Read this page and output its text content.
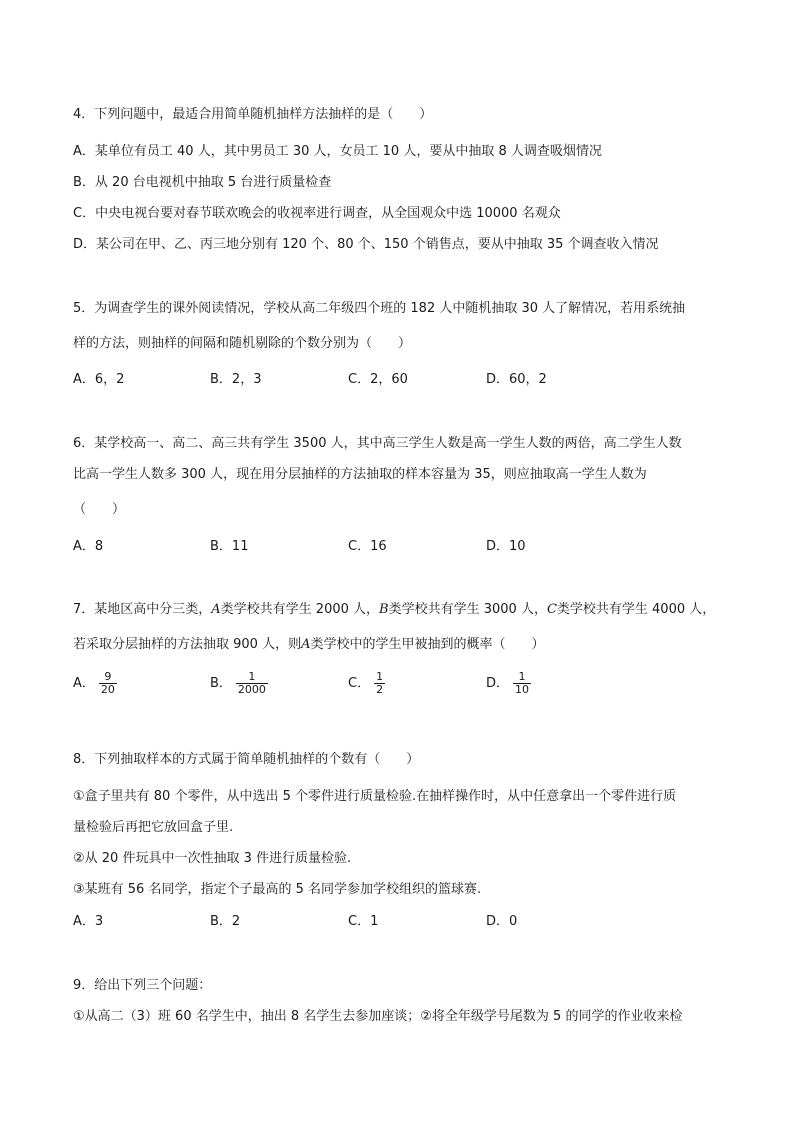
4．下列问题中，最适合用简单随机抽样方法抽样的是（　　）
A．某单位有员工 40 人，其中男员工 30 人，女员工 10 人，要从中抽取 8 人调查吸烟情况
B．从 20 台电视机中抽取 5 台进行质量检查
C．中央电视台要对春节联欢晚会的收视率进行调查，从全国观众中选 10000 名观众
D．某公司在甲、乙、丙三地分别有 120 个、80 个、150 个销售点，要从中抽取 35 个调查收入情况
5．为调查学生的课外阅读情况，学校从高二年级四个班的 182 人中随机抽取 30 人了解情况，若用系统抽
样的方法，则抽样的间隔和随机剔除的个数分别为（　　）
A．6，2	B．2，3	C．2，60	D．60，2
6．某学校高一、高二、高三共有学生 3500 人，其中高三学生人数是高一学生人数的两倍，高二学生人数
比高一学生人数多 300 人，现在用分层抽样的方法抽取的样本容量为 35，则应抽取高一学生人数为
（　　）
A．8	B．11	C．16	D．10
7．某地区高中分三类，A类学校共有学生 2000 人，B类学校共有学生 3000 人，C类学校共有学生 4000 人，
若采取分层抽样的方法抽取 900 人，则A类学校中的学生甲被抽到的概率（　　）
A． $\frac{9}{20}$	B． $\frac{1}{2000}$	C． $\frac{1}{2}$	D． $\frac{1}{10}$
8．下列抽取样本的方式属于简单随机抽样的个数有（　　）
①盒子里共有 80 个零件，从中选出 5 个零件进行质量检验.在抽样操作时，从中任意拿出一个零件进行质
量检验后再把它放回盒子里.
②从 20 件玩具中一次性抽取 3 件进行质量检验.
③某班有 56 名同学，指定个子最高的 5 名同学参加学校组织的篮球赛.
A．3	B．2	C．1	D．0
9．给出下列三个问题：
①从高二（3）班 60 名学生中，抽出 8 名学生去参加座谈；②将全年级学号尾数为 5 的同学的作业收来检
